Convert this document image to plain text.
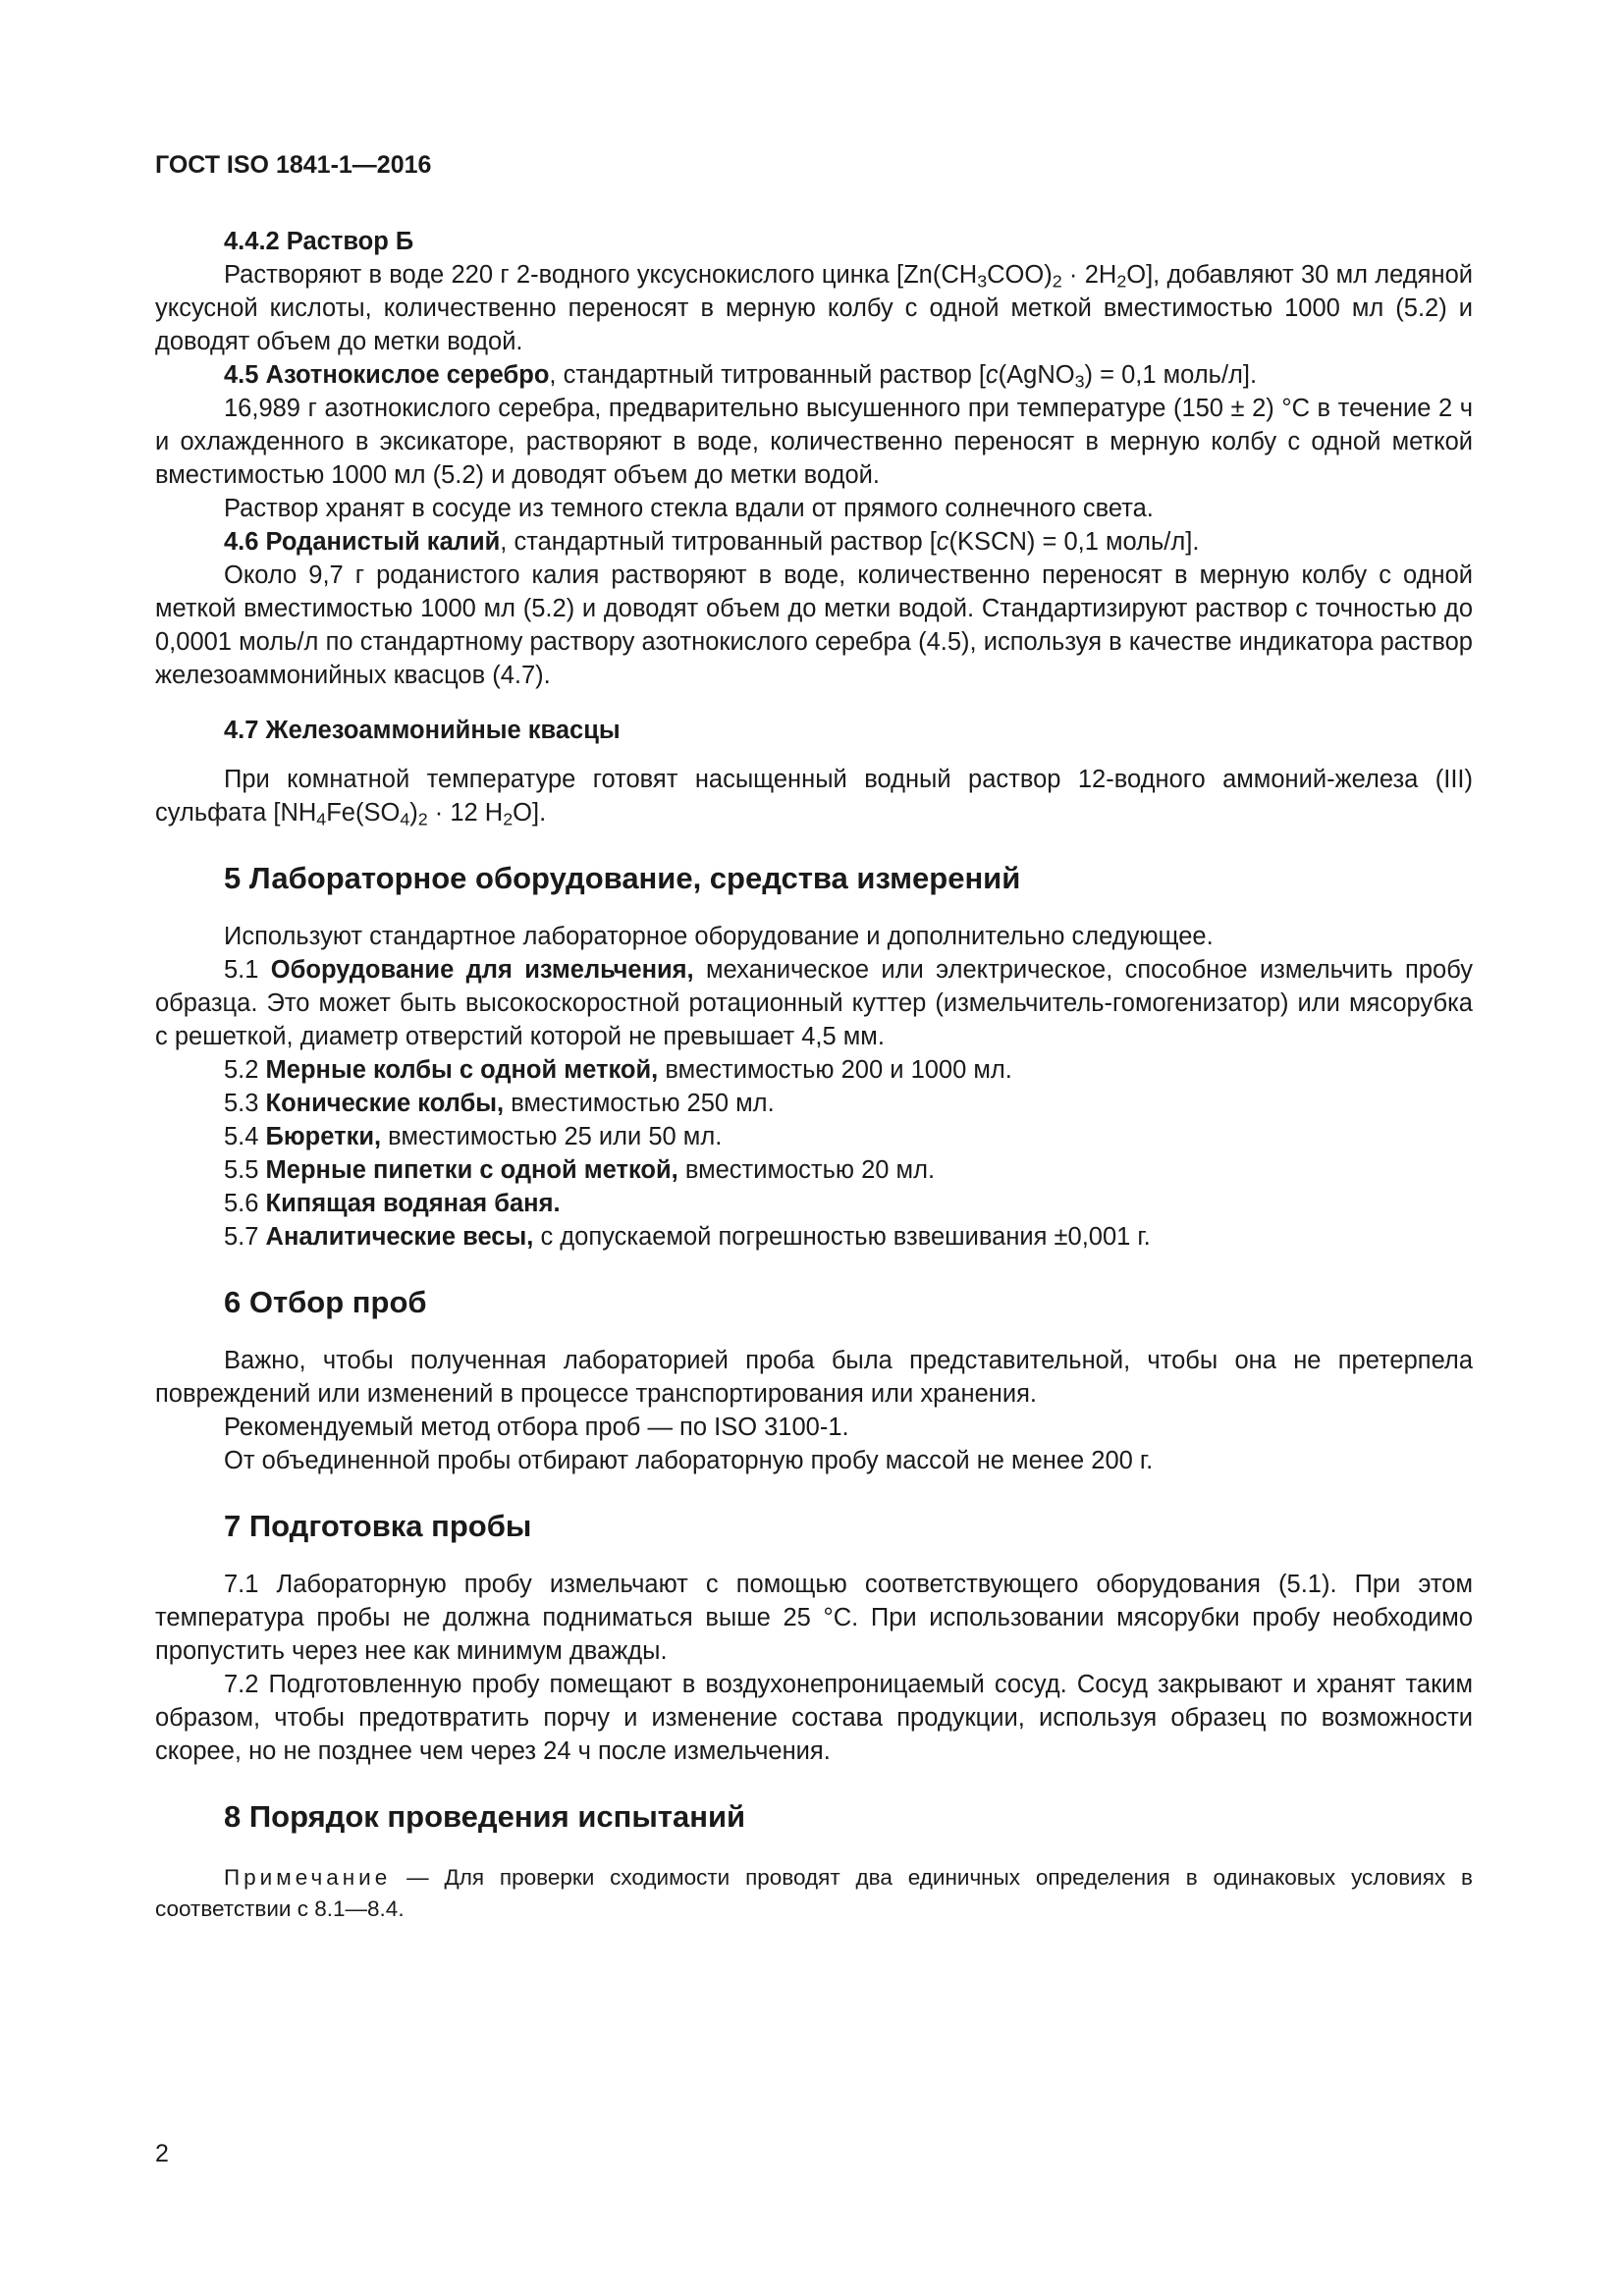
ГОСТ ISO 1841-1—2016

4.4.2 Раствор Б

Растворяют в воде 220 г 2-водного уксуснокислого цинка $[Zn(CH_3COO)_2 \cdot 2H_2O]$, добавляют 30 мл ледяной уксусной кислоты, количественно переносят в мерную колбу с одной меткой вместимостью 1000 мл (5.2) и доводят объем до метки водой.

4.5 Азотнокислое серебро, стандартный титрованный раствор [c(AgNO$_3$) = 0,1 моль/л].

16,989 г азотнокислого серебра, предварительно высушенного при температуре (150 ± 2) °С в течение 2 ч и охлажденного в эксикаторе, растворяют в воде, количественно переносят в мерную колбу с одной меткой вместимостью 1000 мл (5.2) и доводят объем до метки водой.

Раствор хранят в сосуде из темного стекла вдали от прямого солнечного света.

4.6 Роданистый калий, стандартный титрованный раствор [c(KSCN) = 0,1 моль/л].

Около 9,7 г роданистого калия растворяют в воде, количественно переносят в мерную колбу с одной меткой вместимостью 1000 мл (5.2) и доводят объем до метки водой. Стандартизируют раствор с точностью до 0,0001 моль/л по стандартному раствору азотнокислого серебра (4.5), используя в качестве индикатора раствор железоаммонийных квасцов (4.7).

4.7 Железоаммонийные квасцы

При комнатной температуре готовят насыщенный водный раствор 12-водного аммоний-железа (III) сульфата [$NH_4Fe(SO_4)_2 \cdot 12$ $H_2O$].

5 Лабораторное оборудование, средства измерений

Используют стандартное лабораторное оборудование и дополнительно следующее.

5.1 Оборудование для измельчения, механическое или электрическое, способное измельчить пробу образца. Это может быть высокоскоростной ротационный куттер (измельчитель-гомогенизатор) или мясорубка с решеткой, диаметр отверстий которой не превышает 4,5 мм.

5.2 Мерные колбы с одной меткой, вместимостью 200 и 1000 мл.

5.3 Конические колбы, вместимостью 250 мл.

5.4 Бюретки, вместимостью 25 или 50 мл.

5.5 Мерные пипетки с одной меткой, вместимостью 20 мл.

5.6 Кипящая водяная баня.

5.7 Аналитические весы, с допускаемой погрешностью взвешивания ±0,001 г.

6 Отбор проб

Важно, чтобы полученная лабораторией проба была представительной, чтобы она не претерпела повреждений или изменений в процессе транспортирования или хранения.

Рекомендуемый метод отбора проб — по ISO 3100-1.

От объединенной пробы отбирают лабораторную пробу массой не менее 200 г.

7 Подготовка пробы

7.1 Лабораторную пробу измельчают с помощью соответствующего оборудования (5.1). При этом температура пробы не должна подниматься выше 25 °С. При использовании мясорубки пробу необходимо пропустить через нее как минимум дважды.

7.2 Подготовленную пробу помещают в воздухонепроницаемый сосуд. Сосуд закрывают и хранят таким образом, чтобы предотвратить порчу и изменение состава продукции, используя образец по возможности скорее, но не позднее чем через 24 ч после измельчения.

8 Порядок проведения испытаний

Примечание — Для проверки сходимости проводят два единичных определения в одинаковых условиях в соответствии с 8.1—8.4.

2
